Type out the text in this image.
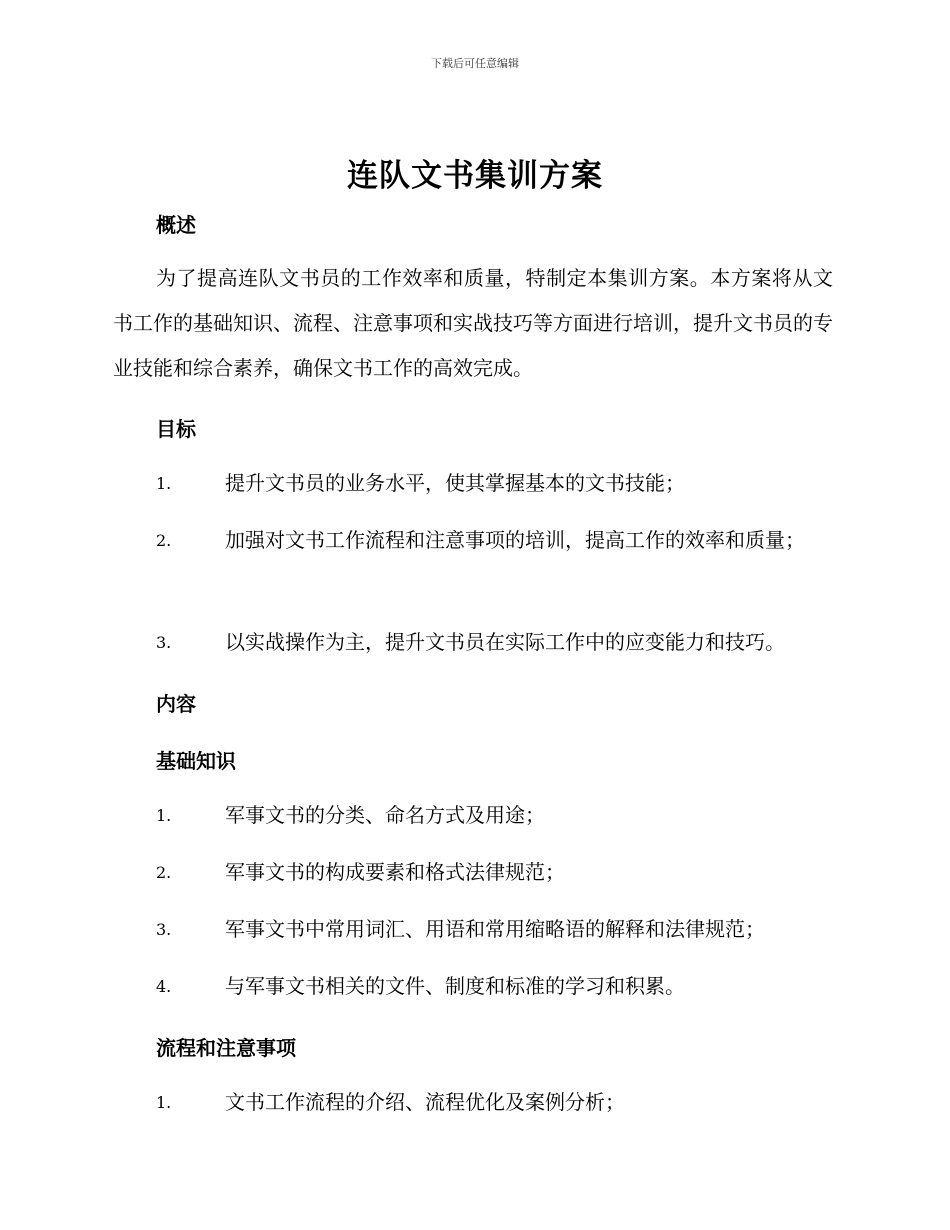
下载后可任意编辑
连队文书集训方案
概述
为了提高连队文书员的工作效率和质量，特制定本集训方案。本方案将从文书工作的基础知识、流程、注意事项和实战技巧等方面进行培训，提升文书员的专业技能和综合素养，确保文书工作的高效完成。
目标
1.	提升文书员的业务水平，使其掌握基本的文书技能；
2.	加强对文书工作流程和注意事项的培训，提高工作的效率和质量；
3.	以实战操作为主，提升文书员在实际工作中的应变能力和技巧。
内容
基础知识
1.	军事文书的分类、命名方式及用途；
2.	军事文书的构成要素和格式法律规范；
3.	军事文书中常用词汇、用语和常用缩略语的解释和法律规范；
4.	与军事文书相关的文件、制度和标准的学习和积累。
流程和注意事项
1.	文书工作流程的介绍、流程优化及案例分析；
